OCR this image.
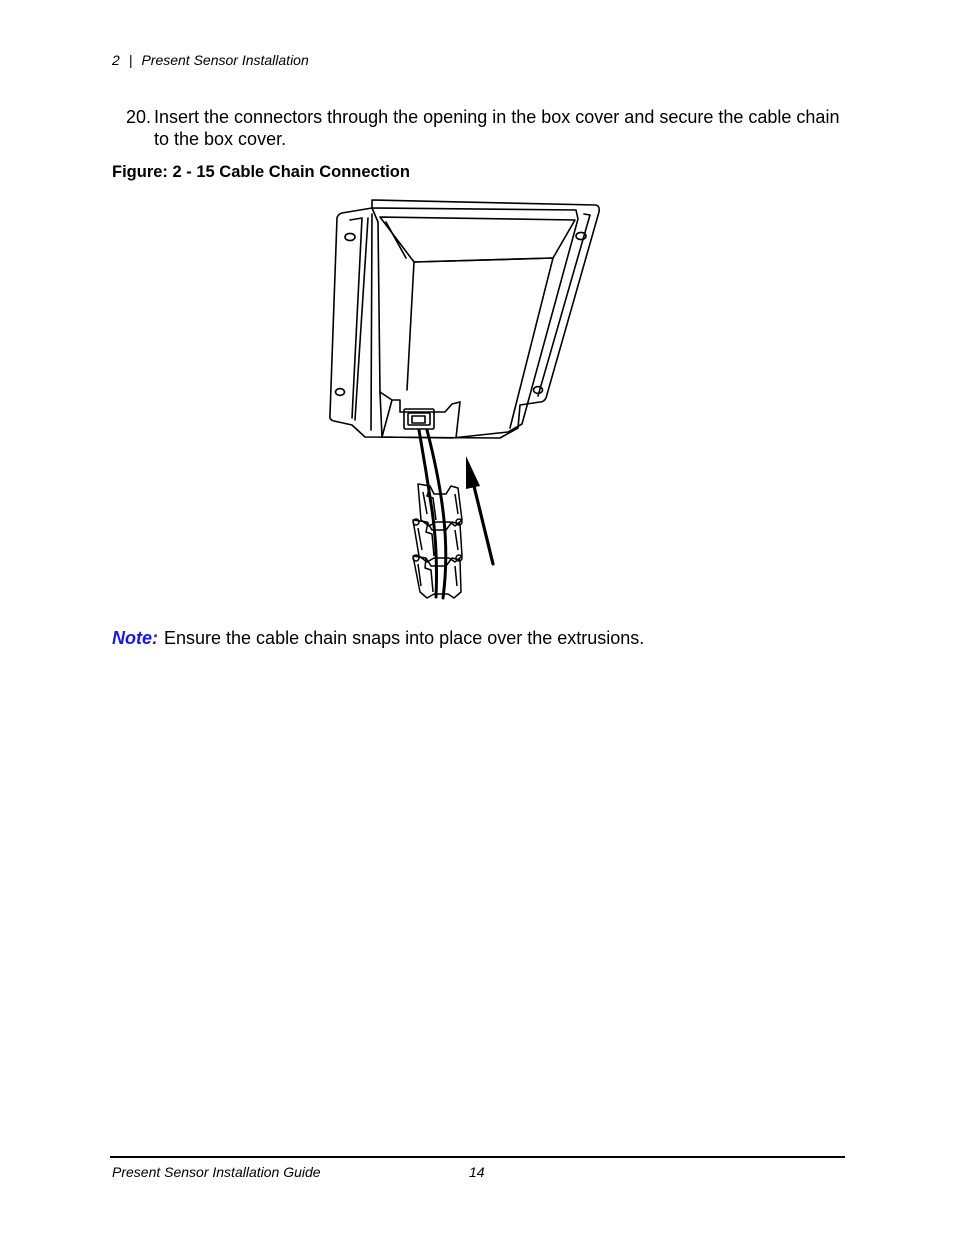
2 | Present Sensor Installation
20. Insert the connectors through the opening in the box cover and secure the cable chain to the box cover.
Figure: 2 - 15 Cable Chain Connection
Note: Ensure the cable chain snaps into place over the extrusions.
Present Sensor Installation Guide	14
